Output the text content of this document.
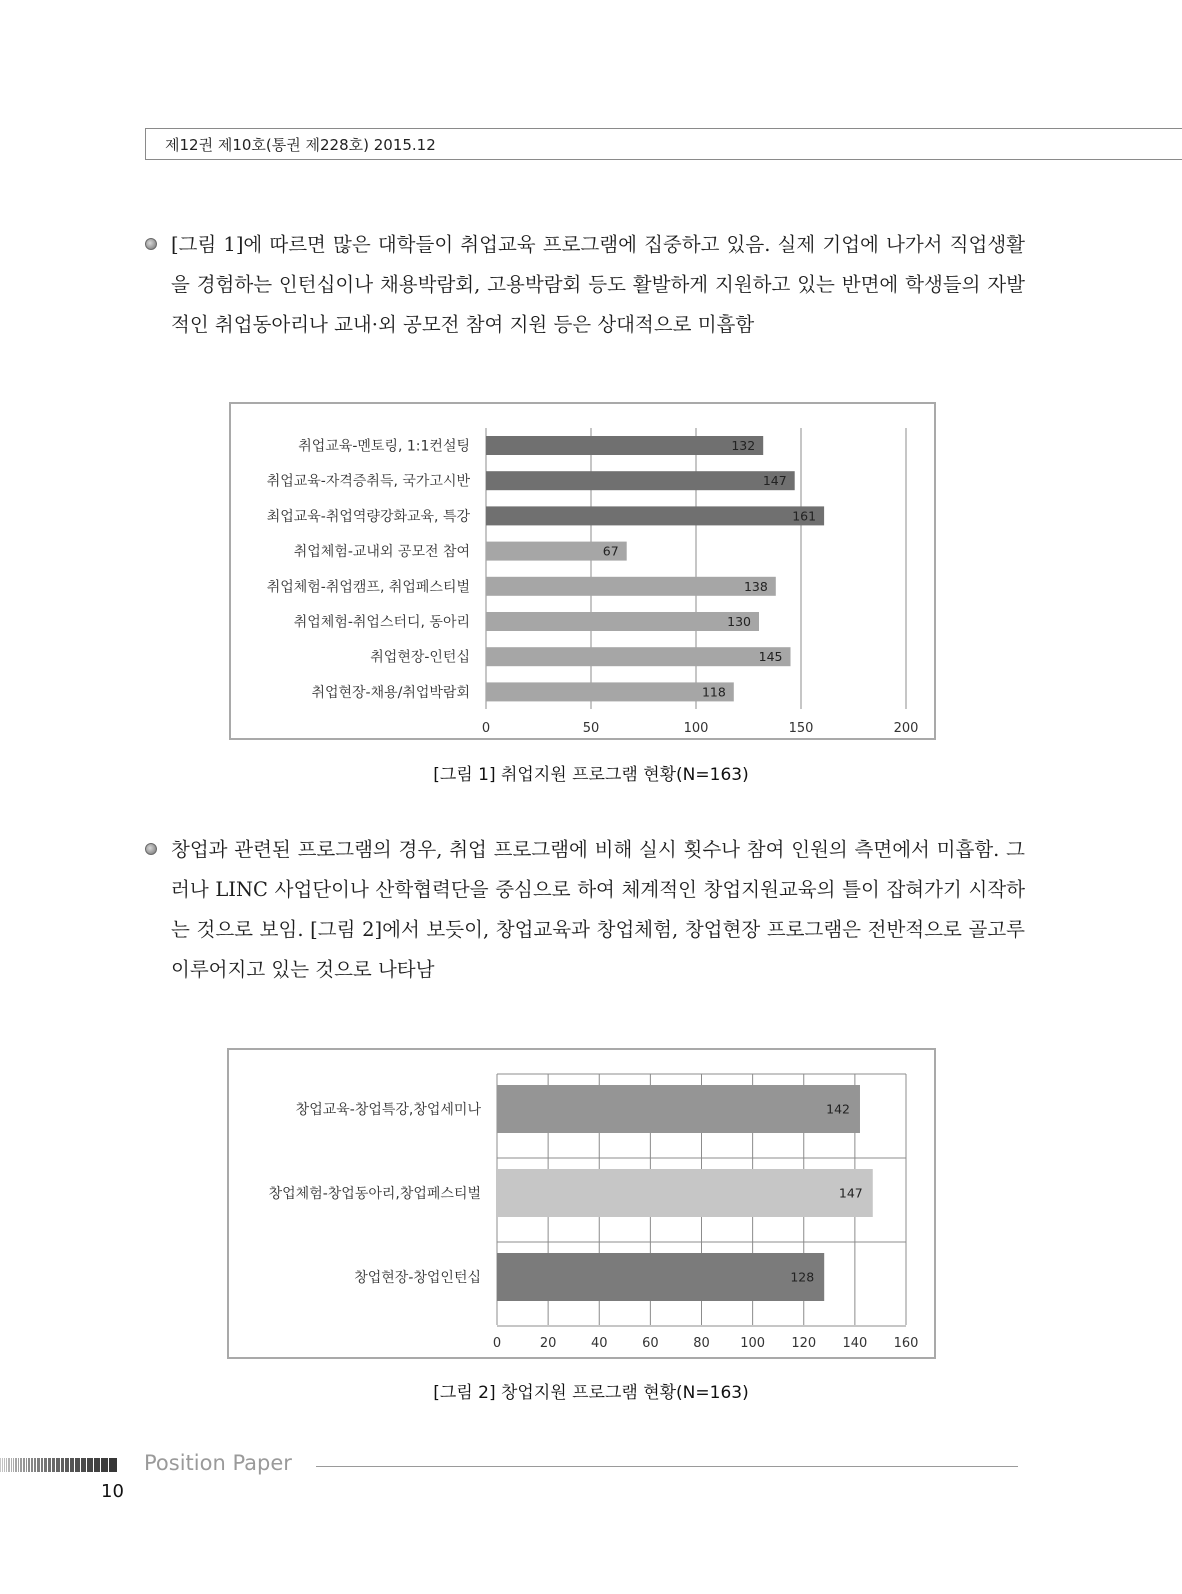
제12권 제10호(통권 제228호) 2015.12
[그림 1]에 따르면 많은 대학들이 취업교육 프로그램에 집중하고 있음. 실제 기업에 나가서 직업생활을 경험하는 인턴십이나 채용박람회, 고용박람회 등도 활발하게 지원하고 있는 반면에 학생들의 자발적인 취업동아리나 교내·외 공모전 참여 지원 등은 상대적으로 미흡함
0	50	100	150	200
취업교육-멘토링, 1:1컨설팅	132
취업교육-자격증취득, 국가고시반	147
최업교육-취업역량강화교육, 특강	161
취업체험-교내외 공모전 참여	67
취업체험-취업캠프, 취업페스티벌	138
취업체험-취업스터디, 동아리	130
취업현장-인턴십	145
취업현장-채용/취업박람회	118
[그림 1] 취업지원 프로그램 현황(N=163)
창업과 관련된 프로그램의 경우, 취업 프로그램에 비해 실시 횟수나 참여 인원의 측면에서 미흡함. 그러나 LINC 사업단이나 산학협력단을 중심으로 하여 체계적인 창업지원교육의 틀이 잡혀가기 시작하는 것으로 보임. [그림 2]에서 보듯이, 창업교육과 창업체험, 창업현장 프로그램은 전반적으로 골고루 이루어지고 있는 것으로 나타남
0	20	40	60	80 100 120 140 160
창업교육-창업특강,창업세미나	142
창업체험-창업동아리,창업페스티벌	147
창업현장-창업인턴십	128
[그림 2] 창업지원 프로그램 현황(N=163)
Position Paper
10
